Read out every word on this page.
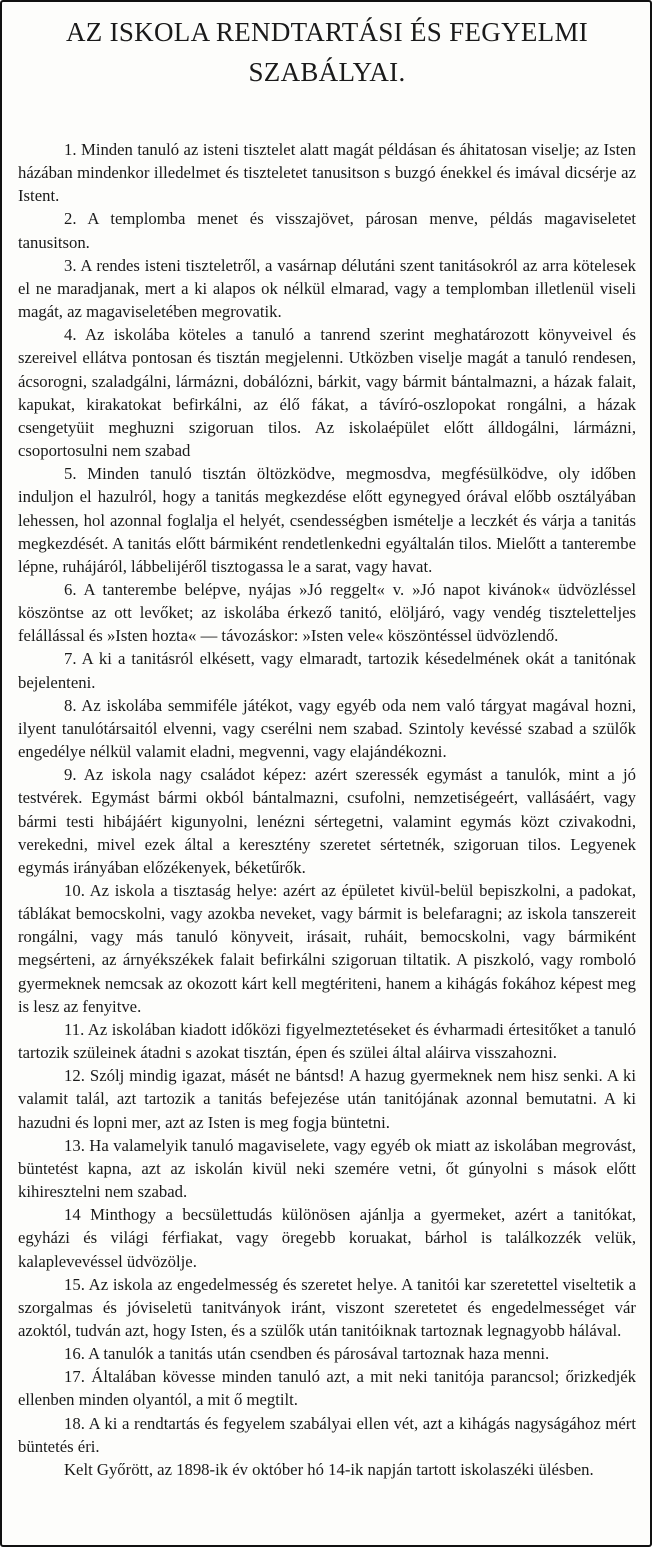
AZ ISKOLA RENDTARTÁSI ÉS FEGYELMI
SZABÁLYAI.

1. Minden tanuló az isteni tisztelet alatt magát példásan és áhitatosan viselje; az Isten házában mindenkor illedelmet és tiszteletet tanusitson s buzgó énekkel és imával dicsérje az Istent.

2. A templomba menet és visszajövet, párosan menve, példás magaviseletet tanusitson.

3. A rendes isteni tiszteletről, a vasárnap délutáni szent tanitásokról az arra kötelesek el ne maradjanak, mert a ki alapos ok nélkül elmarad, vagy a templomban illetlenül viseli magát, az magaviseletében megrovatik.

4. Az iskolába köteles a tanuló a tanrend szerint meghatározott könyveivel és szereivel ellátva pontosan és tisztán megjelenni. Utközben viselje magát a tanuló rendesen, ácsorogni, szaladgálni, lármázni, dobálózni, bárkit, vagy bármit bántalmazni, a házak falait, kapukat, kirakatokat befirkálni, az élő fákat, a távíró-oszlopokat rongálni, a házak csengetyüit meghuzni szigoruan tilos. Az iskolaépület előtt álldogálni, lármázni, csoportosulni nem szabad

5. Minden tanuló tisztán öltözködve, megmosdva, megfésülködve, oly időben induljon el hazulról, hogy a tanitás megkezdése előtt egynegyed órával előbb osztályában lehessen, hol azonnal foglalja el helyét, csendességben ismételje a leczkét és várja a tanitás megkezdését. A tanitás előtt bármiként rendetlenkedni egyáltalán tilos. Mielőtt a tanterembe lépne, ruhájáról, lábbelijéről tisztogassa le a sarat, vagy havat.

6. A tanterembe belépve, nyájas »Jó reggelt« v. »Jó napot kivánok« üdvözléssel köszöntse az ott levőket; az iskolába érkező tanitó, elöljáró, vagy vendég tiszteletteljes felállással és »Isten hozta« — távozáskor: »Isten vele« köszöntéssel üdvözlendő.

7. A ki a tanitásról elkésett, vagy elmaradt, tartozik késedelmének okát a tanitónak bejelenteni.

8. Az iskolába semmiféle játékot, vagy egyéb oda nem való tárgyat magával hozni, ilyent tanulótársaitól elvenni, vagy cserélni nem szabad. Szintoly kevéssé szabad a szülők engedélye nélkül valamit eladni, megvenni, vagy elajándékozni.

9. Az iskola nagy családot képez: azért szeressék egymást a tanulók, mint a jó testvérek. Egymást bármi okból bántalmazni, csufolni, nemzetiségeért, vallásáért, vagy bármi testi hibájáért kigunyolni, lenézni sértegetni, valamint egymás közt czivakodni, verekedni, mivel ezek által a keresztény szeretet sértetnék, szigoruan tilos. Legyenek egymás irányában előzékenyek, béketűrők.

10. Az iskola a tisztaság helye: azért az épületet kivül-belül bepiszkolni, a padokat, táblákat bemocskolni, vagy azokba neveket, vagy bármit is belefaragni; az iskola tanszereit rongálni, vagy más tanuló könyveit, irásait, ruháit, bemocskolni, vagy bármiként megsérteni, az árnyékszékek falait befirkálni szigoruan tiltatik. A piszkoló, vagy romboló gyermeknek nemcsak az okozott kárt kell megtériteni, hanem a kihágás fokához képest meg is lesz az fenyitve.

11. Az iskolában kiadott időközi figyelmeztetéseket és évharmadi értesitőket a tanuló tartozik szüleinek átadni s azokat tisztán, épen és szülei által aláirva visszahozni.

12. Szólj mindig igazat, másét ne bántsd! A hazug gyermeknek nem hisz senki. A ki valamit talál, azt tartozik a tanitás befejezése után tanitójának azonnal bemutatni. A ki hazudni és lopni mer, azt az Isten is meg fogja büntetni.

13. Ha valamelyik tanuló magaviselete, vagy egyéb ok miatt az iskolában megrovást, büntetést kapna, azt az iskolán kivül neki szemére vetni, őt gúnyolni s mások előtt kihiresztelni nem szabad.

14 Minthogy a becsülettudás különösen ajánlja a gyermeket, azért a tanitókat, egyházi és világi férfiakat, vagy öregebb koruakat, bárhol is találkozzék velük, kalaplevevéssel üdvözölje.

15. Az iskola az engedelmesség és szeretet helye. A tanitói kar szeretettel viseltetik a szorgalmas és jóviseletü tanitványok iránt, viszont szeretetet és engedelmességet vár azoktól, tudván azt, hogy Isten, és a szülők után tanitóiknak tartoznak legnagyobb hálával.

16. A tanulók a tanitás után csendben és párosával tartoznak haza menni.

17. Általában kövesse minden tanuló azt, a mit neki tanitója parancsol; őrizkedjék ellenben minden olyantól, a mit ő megtilt.

18. A ki a rendtartás és fegyelem szabályai ellen vét, azt a kihágás nagyságához mért büntetés éri.

Kelt Győrött, az 1898-ik év október hó 14-ik napján tartott iskolaszéki ülésben.
